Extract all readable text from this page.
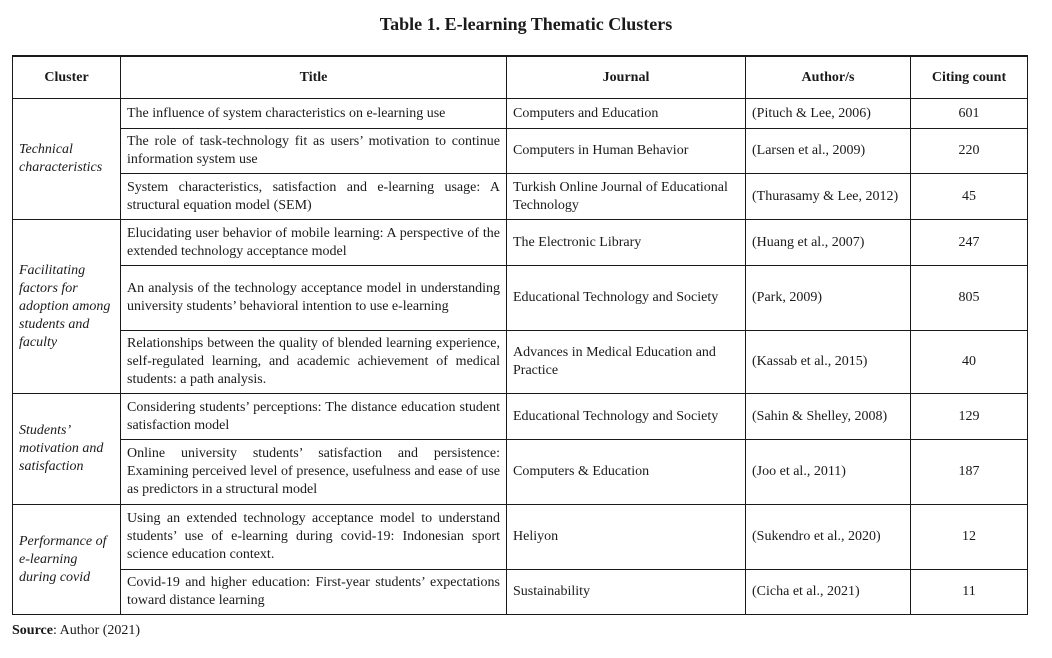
Table 1. E-learning Thematic Clusters
Cluster	Title	Journal	Author/s	Citing count
Technical characteristics	The influence of system characteristics on e-learning use	Computers and Education	(Pituch & Lee, 2006)	601
	The role of task-technology fit as users’ motivation to continue information system use	Computers in Human Behavior	(Larsen et al., 2009)	220
	System characteristics, satisfaction and e-learning usage: A structural equation model (SEM)	Turkish Online Journal of Educational Technology	(Thurasamy & Lee, 2012)	45
Facilitating factors for adoption among students and faculty	Elucidating user behavior of mobile learning: A perspective of the extended technology acceptance model	The Electronic Library	(Huang et al., 2007)	247
	An analysis of the technology acceptance model in understanding university students’ behavioral intention to use e-learning	Educational Technology and Society	(Park, 2009)	805
	Relationships between the quality of blended learning experience, self-regulated learning, and academic achievement of medical students: a path analysis.	Advances in Medical Education and Practice	(Kassab et al., 2015)	40
Students’ motivation and satisfaction	Considering students’ perceptions: The distance education student satisfaction model	Educational Technology and Society	(Sahin & Shelley, 2008)	129
	Online university students’ satisfaction and persistence: Examining perceived level of presence, usefulness and ease of use as predictors in a structural model	Computers & Education	(Joo et al., 2011)	187
Performance of e-learning during covid	Using an extended technology acceptance model to understand students’ use of e-learning during covid-19: Indonesian sport science education context.	Heliyon	(Sukendro et al., 2020)	12
	Covid-19 and higher education: First-year students’ expectations toward distance learning	Sustainability	(Cicha et al., 2021)	11
Source: Author (2021)
